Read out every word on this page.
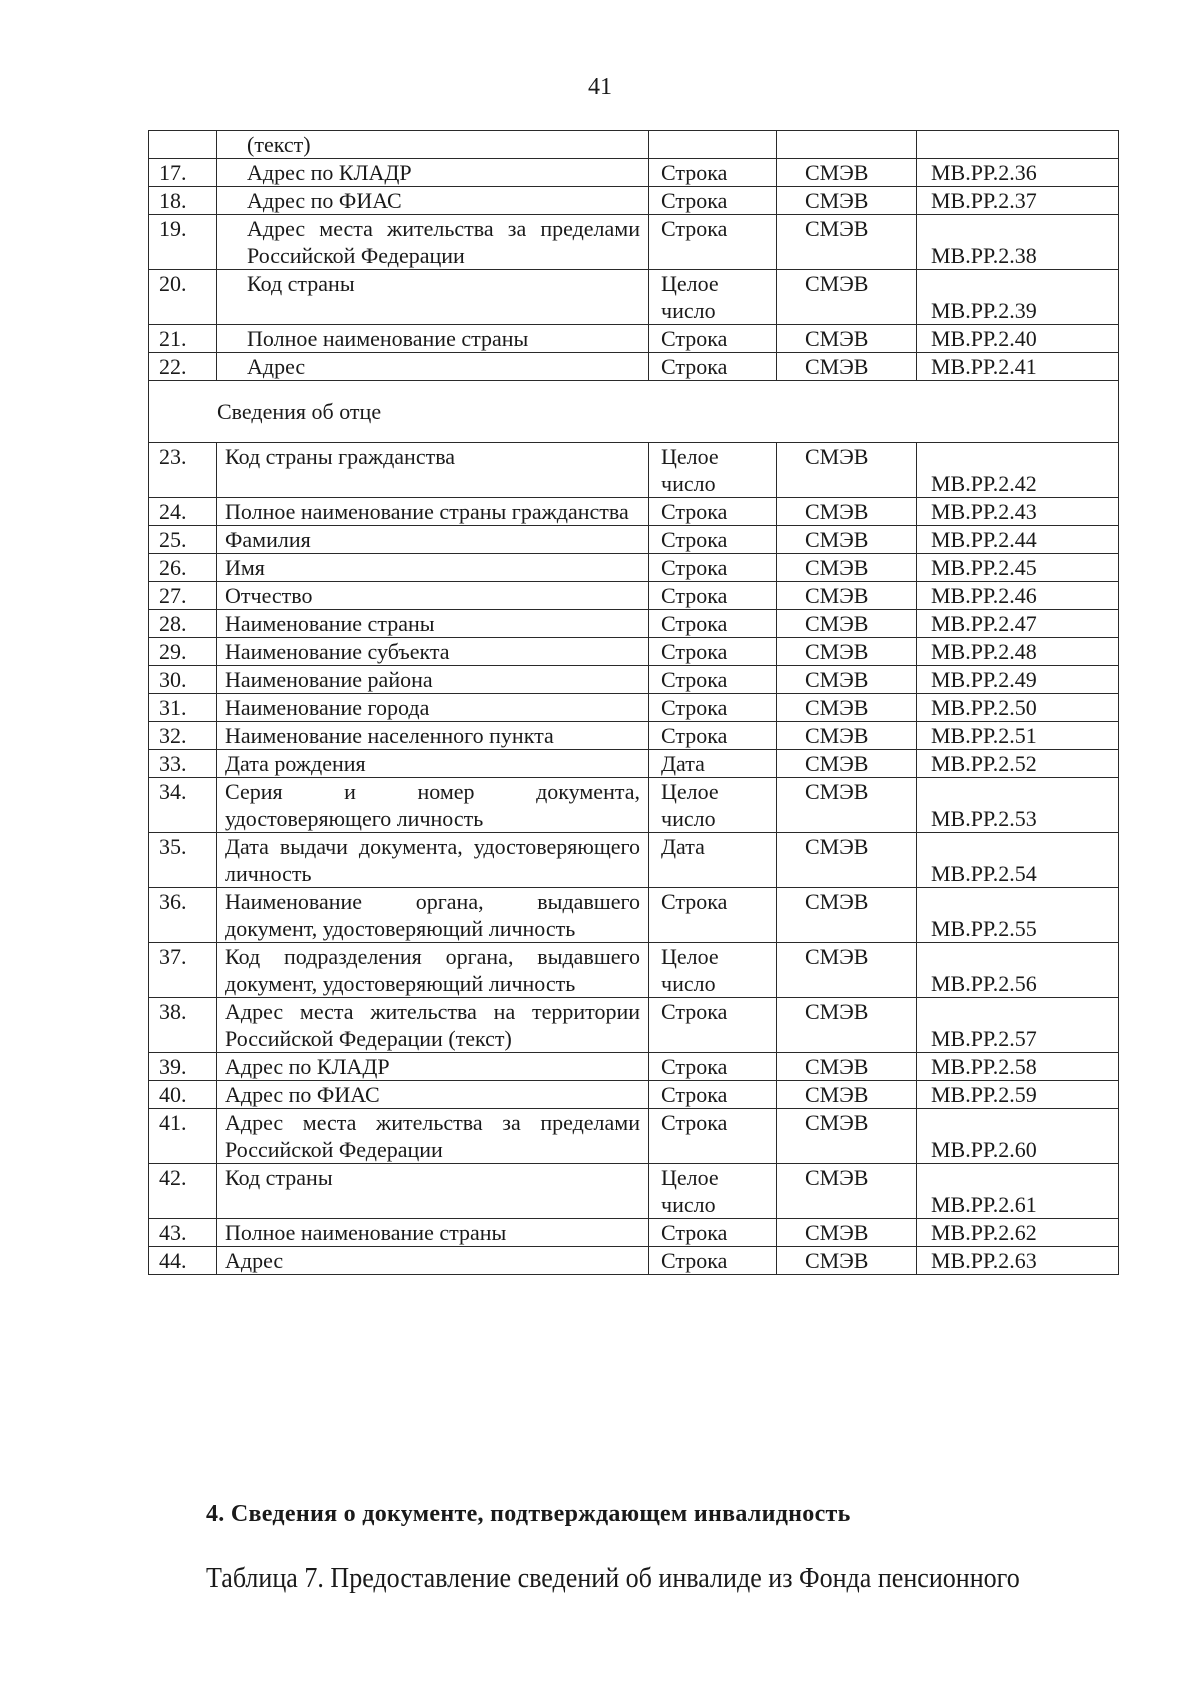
41
	(текст)			
17.	Адрес по КЛАДР	Строка	СМЭВ	MB.PP.2.36
18.	Адрес по ФИАС	Строка	СМЭВ	MB.PP.2.37
19.	Адрес места жительства за пределами Российской Федерации	Строка	СМЭВ	MB.PP.2.38
20.	Код страны	Целое число	СМЭВ	MB.PP.2.39
21.	Полное наименование страны	Строка	СМЭВ	MB.PP.2.40
22.	Адрес	Строка	СМЭВ	MB.PP.2.41
Сведения об отце				
23.	Код страны гражданства	Целое число	СМЭВ	MB.PP.2.42
24.	Полное наименование страны гражданства	Строка	СМЭВ	MB.PP.2.43
25.	Фамилия	Строка	СМЭВ	MB.PP.2.44
26.	Имя	Строка	СМЭВ	MB.PP.2.45
27.	Отчество	Строка	СМЭВ	MB.PP.2.46
28.	Наименование страны	Строка	СМЭВ	MB.PP.2.47
29.	Наименование субъекта	Строка	СМЭВ	MB.PP.2.48
30.	Наименование района	Строка	СМЭВ	MB.PP.2.49
31.	Наименование города	Строка	СМЭВ	MB.PP.2.50
32.	Наименование населенного пункта	Строка	СМЭВ	MB.PP.2.51
33.	Дата рождения	Дата	СМЭВ	MB.PP.2.52
34.	Серия и номер документа, удостоверяющего личность	Целое число	СМЭВ	MB.PP.2.53
35.	Дата выдачи документа, удостоверяющего личность	Дата	СМЭВ	MB.PP.2.54
36.	Наименование органа, выдавшего документ, удостоверяющий личность	Строка	СМЭВ	MB.PP.2.55
37.	Код подразделения органа, выдавшего документ, удостоверяющий личность	Целое число	СМЭВ	MB.PP.2.56
38.	Адрес места жительства на территории Российской Федерации (текст)	Строка	СМЭВ	MB.PP.2.57
39.	Адрес по КЛАДР	Строка	СМЭВ	MB.PP.2.58
40.	Адрес по ФИАС	Строка	СМЭВ	MB.PP.2.59
41.	Адрес места жительства за пределами Российской Федерации	Строка	СМЭВ	MB.PP.2.60
42.	Код страны	Целое число	СМЭВ	MB.PP.2.61
43.	Полное наименование страны	Строка	СМЭВ	MB.PP.2.62
44.	Адрес	Строка	СМЭВ	MB.PP.2.63
4. Сведения о документе, подтверждающем инвалидность
Таблица 7. Предоставление сведений об инвалиде из Фонда пенсионного
